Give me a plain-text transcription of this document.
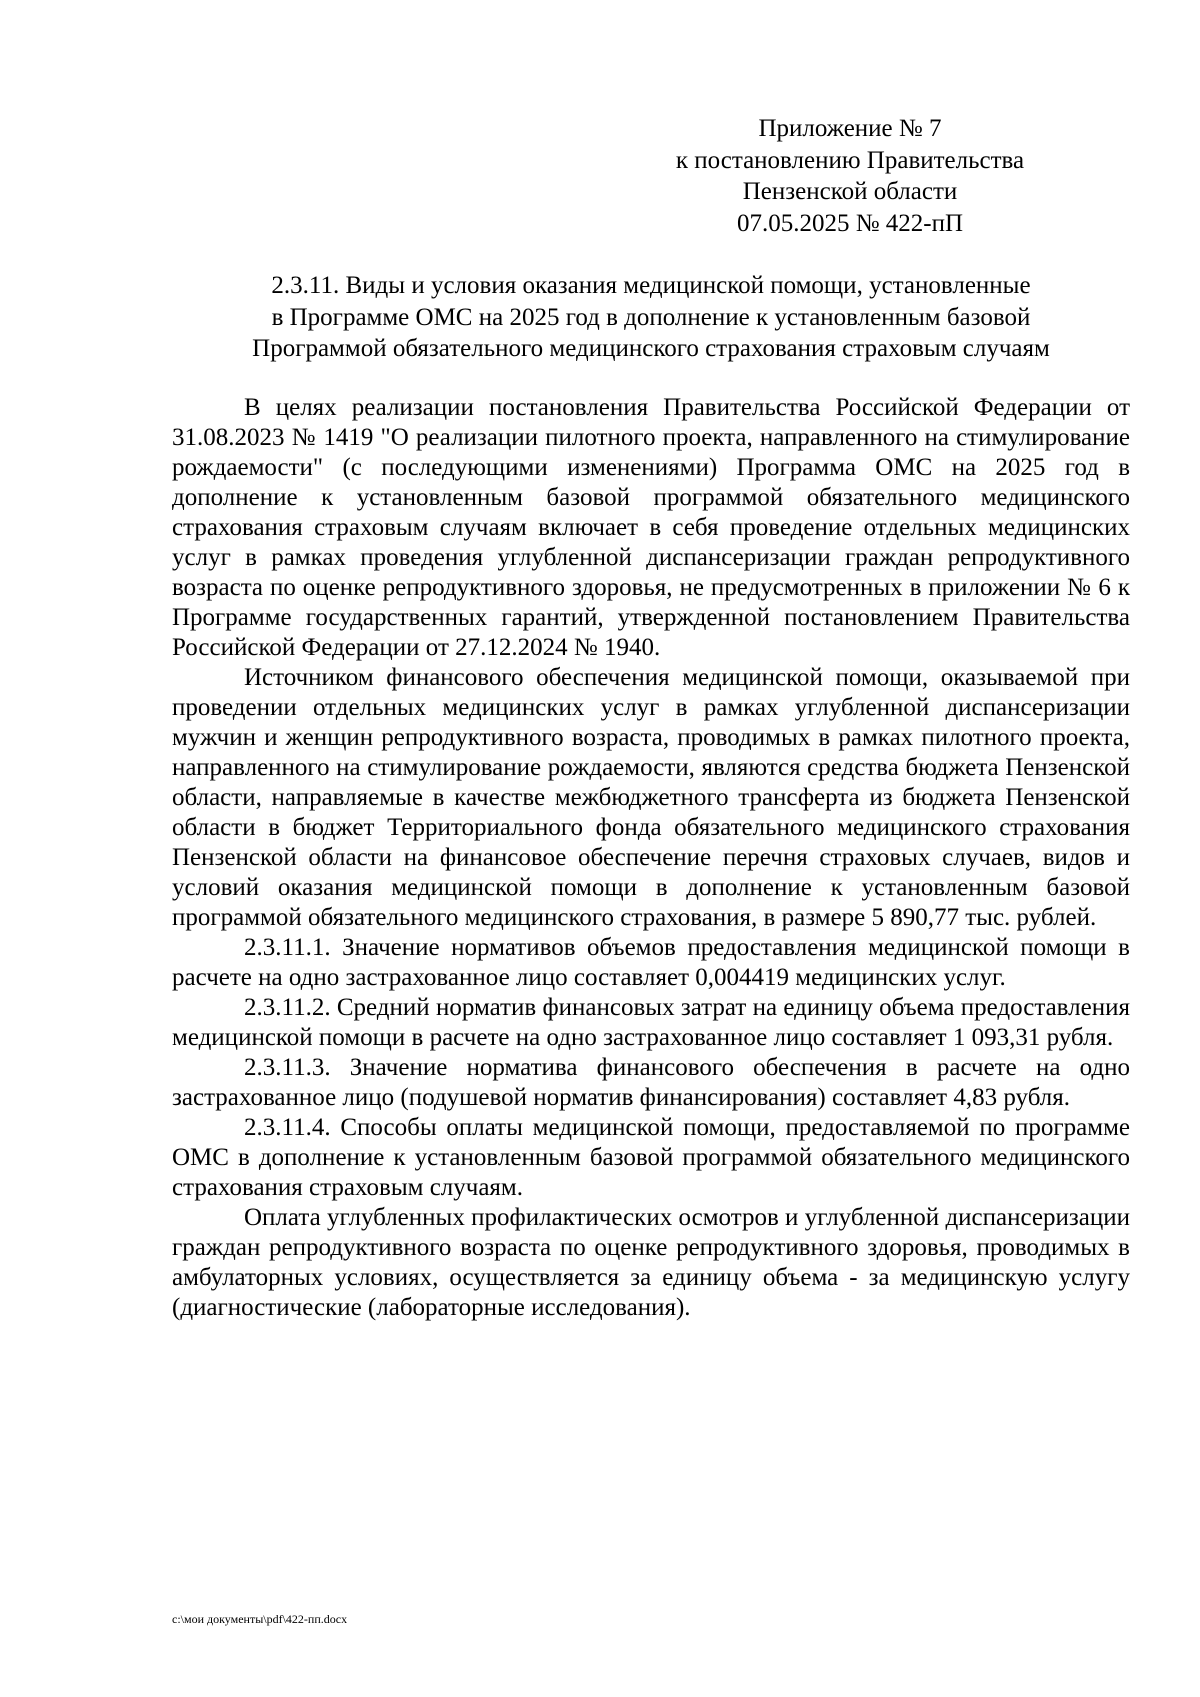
Приложение № 7
к постановлению Правительства
Пензенской области
07.05.2025 № 422-пП
2.3.11. Виды и условия оказания медицинской помощи, установленные
в Программе ОМС на 2025 год в дополнение к установленным базовой
Программой обязательного медицинского страхования страховым случаям

В целях реализации постановления Правительства Российской Федерации от 31.08.2023 № 1419 "О реализации пилотного проекта, направленного на стимулирование рождаемости" (с последующими изменениями) Программа ОМС на 2025 год в дополнение к установленным базовой программой обязательного медицинского страхования страховым случаям включает в себя проведение отдельных медицинских услуг в рамках проведения углубленной диспансеризации граждан репродуктивного возраста по оценке репродуктивного здоровья, не предусмотренных в приложении № 6 к Программе государственных гарантий, утвержденной постановлением Правительства Российской Федерации от 27.12.2024 № 1940.

Источником финансового обеспечения медицинской помощи, оказываемой при проведении отдельных медицинских услуг в рамках углубленной диспансеризации мужчин и женщин репродуктивного возраста, проводимых в рамках пилотного проекта, направленного на стимулирование рождаемости, являются средства бюджета Пензенской области, направляемые в качестве межбюджетного трансферта из бюджета Пензенской области в бюджет Территориального фонда обязательного медицинского страхования Пензенской области на финансовое обеспечение перечня страховых случаев, видов и условий оказания медицинской помощи в дополнение к установленным базовой программой обязательного медицинского страхования, в размере 5 890,77 тыс. рублей.

2.3.11.1. Значение нормативов объемов предоставления медицинской помощи в расчете на одно застрахованное лицо составляет 0,004419 медицинских услуг.

2.3.11.2. Средний норматив финансовых затрат на единицу объема предоставления медицинской помощи в расчете на одно застрахованное лицо составляет 1 093,31 рубля.

2.3.11.3. Значение норматива финансового обеспечения в расчете на одно застрахованное лицо (подушевой норматив финансирования) составляет 4,83 рубля.

2.3.11.4. Способы оплаты медицинской помощи, предоставляемой по программе ОМС в дополнение к установленным базовой программой обязательного медицинского страхования страховым случаям.

Оплата углубленных профилактических осмотров и углубленной диспансеризации граждан репродуктивного возраста по оценке репродуктивного здоровья, проводимых в амбулаторных условиях, осуществляется за единицу объема - за медицинскую услугу (диагностические (лабораторные исследования).

c:\мои документы\pdf\422-пп.docx
